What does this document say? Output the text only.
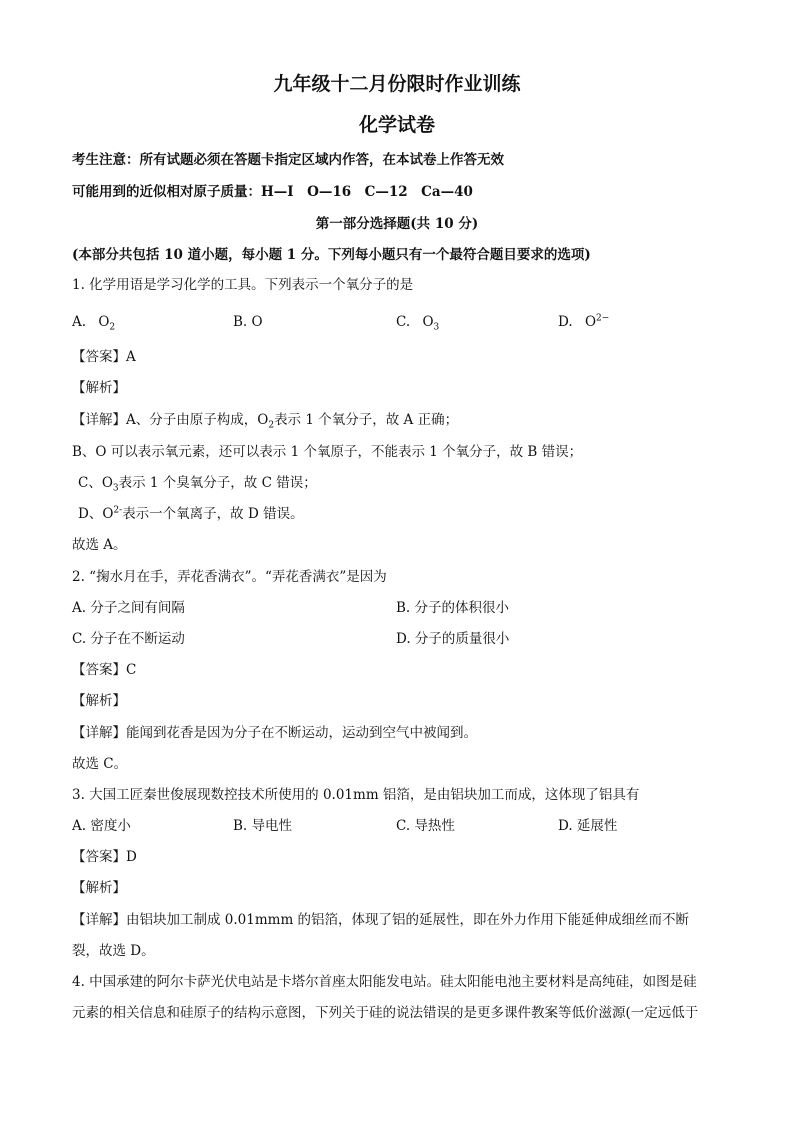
九年级十二月份限时作业训练
化学试卷
考生注意：所有试题必须在答题卡指定区域内作答，在本试卷上作答无效
可能用到的近似相对原子质量：H—I　O—16　C—12　Ca—40
第一部分选择题(共 10 分)
(本部分共包括 10 道小题，每小题 1 分。下列每小题只有一个最符合题目要求的选项)
1. 化学用语是学习化学的工具。下列表示一个氧分子的是
A. $O_2$	B. O	C. $O_3$	D. $O^{2-}$
【答案】A
【解析】
【详解】A、分子由原子构成，$O_2$表示 1 个氧分子，故 A 正确；
B、O 可以表示氧元素，还可以表示 1 个氧原子，不能表示 1 个氧分子，故 B 错误；
C、$O_3$表示 1 个臭氧分子，故 C 错误；
D、$O^{2-}$表示一个氧离子，故 D 错误。
故选 A。
2. “掬水月在手，弄花香满衣”。“弄花香满衣”是因为
A. 分子之间有间隔	B. 分子的体积很小
C. 分子在不断运动	D. 分子的质量很小
【答案】C
【解析】
【详解】能闻到花香是因为分子在不断运动，运动到空气中被闻到。
故选 C。
3. 大国工匠秦世俊展现数控技术所使用的 0.01mm 铝箔，是由铝块加工而成，这体现了铝具有
A. 密度小	B. 导电性	C. 导热性	D. 延展性
【答案】D
【解析】
【详解】由铝块加工制成 0.01mmm 的铝箔，体现了铝的延展性，即在外力作用下能延伸成细丝而不断
裂，故选 D。
4. 中国承建的阿尔卡萨光伏电站是卡塔尔首座太阳能发电站。硅太阳能电池主要材料是高纯硅，如图是硅
元素的相关信息和硅原子的结构示意图，下列关于硅的说法错误的是更多课件教案等低价滋源(一定远低于
